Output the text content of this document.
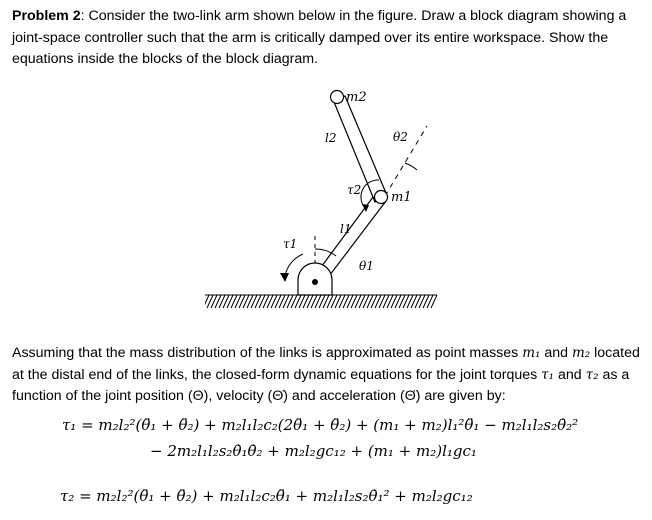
Problem 2: Consider the two-link arm shown below in the figure. Draw a block diagram showing a joint-space controller such that the arm is critically damped over its entire workspace. Show the equations inside the blocks of the block diagram.
m2
l2	θ2
τ2 m1
l1
τ1
θ1
Assuming that the mass distribution of the links is approximated as point masses m₁ and m₂ located at the distal end of the links, the closed-form dynamic equations for the joint torques τ₁ and τ₂ as a function of the joint position (Θ), velocity (Θ̇) and acceleration (Θ̈) are given by:
τ₁ = m₂l₂²(θ̈₁ + θ̈₂) + m₂l₁l₂c₂(2θ̈₁ + θ̈₂) + (m₁ + m₂)l₁²θ̈₁ − m₂l₁l₂s₂θ̇₂²
− 2m₂l₁l₂s₂θ̇₁θ̇₂ + m₂l₂gc₁₂ + (m₁ + m₂)l₁gc₁
τ₂ = m₂l₂²(θ̈₁ + θ̈₂) + m₂l₁l₂c₂θ̈₁ + m₂l₁l₂s₂θ̇₁² + m₂l₂gc₁₂
